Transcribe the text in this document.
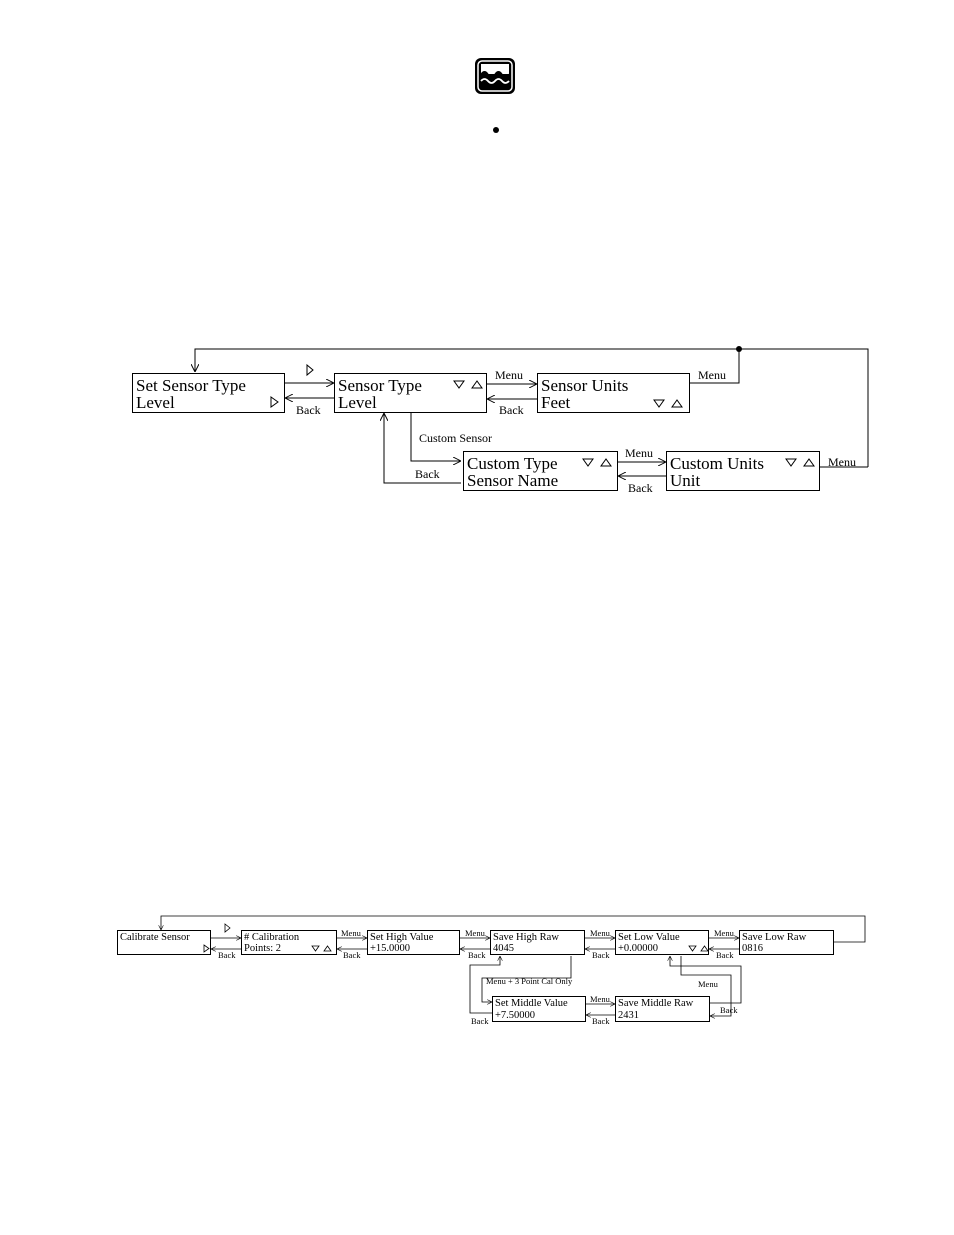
Set Sensor Type
Level
Sensor Type
Level
Sensor Units
Feet
Custom Type
Sensor Name
Custom Units
Unit
Back
Menu
Back
Menu
Custom Sensor
Back
Menu
Back
Menu
Calibrate Sensor	# Calibration
Points: 2
Set High Value
+15.0000
Save High Raw
4045
Set Low Value
+0.00000
Save Low Raw
0816
Set Middle Value
+7.50000
Save Middle Raw
2431
Back
Menu
Back
Menu
Back
Menu
Back
Menu
Back
Menu + 3 Point Cal Only
Back
Menu
Back
Menu
Back
